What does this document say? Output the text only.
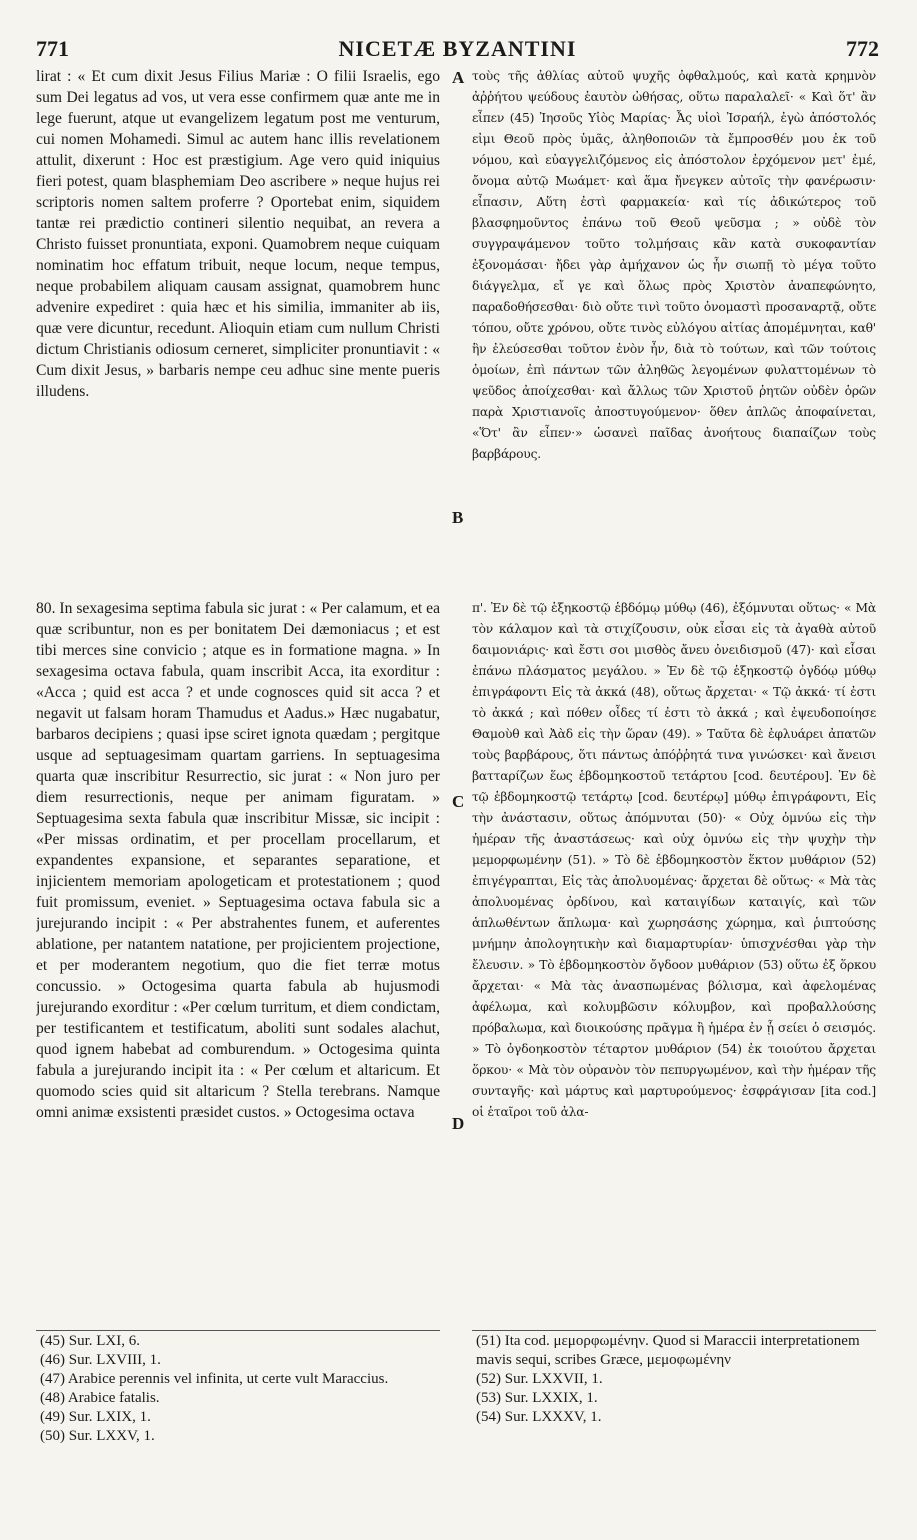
771	NICETÆ BYZANTINI	772
A
B
C
D

lirat : « Et cum dixit Jesus Filius Mariæ : O filii Israelis, ego sum Dei legatus ad vos, ut vera esse confirmem quæ ante me in lege fuerunt, atque ut evangelizem legatum post me venturum, cui nomen Mohamedi. Simul ac autem hanc illis revelationem attulit, dixerunt : Hoc est præstigium. Age vero quid iniquius fieri potest, quam blasphemiam Deo ascribere » neque hujus rei scriptoris nomen saltem proferre ? Oportebat enim, siquidem tantæ rei prædictio contineri silentio nequibat, an revera a Christo fuisset pronuntiata, exponi. Quamobrem neque cuiquam nominatim hoc effatum tribuit, neque locum, neque tempus, neque probabilem aliquam causam assignat, quamobrem hunc advenire expediret : quia hæc et his similia, immaniter ab iis, quæ vere dicuntur, recedunt. Alioquin etiam cum nullum Christi dictum Christianis odiosum cerneret, simpliciter pronuntiavit : « Cum dixit Jesus, » barbaris nempe ceu adhuc sine mente pueris illudens.

τοὺς τῆς ἀθλίας αὐτοῦ ψυχῆς ὀφθαλμούς, καὶ κατὰ κρημνὸν ἀῤῥήτου ψεύδους ἑαυτὸν ὠθήσας, οὕτω παραλαλεῖ· « Καὶ ὅτ' ἂν εἶπεν (45) Ἰησοῦς Υἱὸς Μαρίας· Ἆς υἱοὶ Ἰσραήλ, ἐγὼ ἀπόστολός εἰμι Θεοῦ πρὸς ὑμᾶς, ἀληθοποιῶν τὰ ἔμπροσθέν μου ἐκ τοῦ νόμου, καὶ εὐαγγελιζόμενος εἰς ἀπόστολον ἐρχόμενον μετ' ἐμέ, ὄνομα αὐτῷ Μωάμετ· καὶ ἅμα ἤνεγκεν αὐτοῖς τὴν φανέρωσιν· εἶπασιν, Αὕτη ἐστὶ φαρμακεία· καὶ τίς ἀδικώτερος τοῦ βλασφημοῦντος ἐπάνω τοῦ Θεοῦ ψεῦσμα ; » οὐδὲ τὸν συγγραψάμενον τοῦτο τολμήσαις κἂν κατὰ συκοφαντίαν ἐξονομάσαι· ἤδει γὰρ ἀμήχανον ὡς ἦν σιωπῇ τὸ μέγα τοῦτο διάγγελμα, εἴ γε καὶ ὅλως πρὸς Χριστὸν ἀναπεφώνητο, παραδοθήσεσθαι· διὸ οὔτε τινὶ τοῦτο ὀνομαστὶ προσαναρτᾷ, οὔτε τόπου, οὔτε χρόνου, οὔτε τινὸς εὐλόγου αἰτίας ἀπομέμνηται, καθ' ἣν ἐλεύσεσθαι τοῦτον ἐνὸν ἦν, διὰ τὸ τούτων, καὶ τῶν τούτοις ὁμοίων, ἐπὶ πάντων τῶν ἀληθῶς λεγομένων φυλαττομένων τὸ ψεῦδος ἀποίχεσθαι· καὶ ἄλλως τῶν Χριστοῦ ῥητῶν οὐδὲν ὁρῶν παρὰ Χριστιανοῖς ἀποστυγούμενον· ὅθεν ἁπλῶς ἀποφαίνεται, «Ὅτ' ἂν εἶπεν·» ὡσανεὶ παῖδας ἀνοήτους διαπαίζων τοὺς βαρβάρους.

80. In sexagesima septima fabula sic jurat : « Per calamum, et ea quæ scribuntur, non es per bonitatem Dei dæmoniacus ; et est tibi merces sine convicio ; atque es in formatione magna. » In sexagesima octava fabula, quam inscribit Acca, ita exorditur : «Acca ; quid est acca ? et unde cognosces quid sit acca ? et negavit ut falsam horam Thamudus et Aadus.» Hæc nugabatur, barbaros decipiens ; quasi ipse sciret ignota quædam ; pergitque usque ad septuagesimam quartam garriens. In septuagesima quarta quæ inscribitur Resurrectio, sic jurat : « Non juro per diem resurrectionis, neque per animam figuratam. » Septuagesima sexta fabula quæ inscribitur Missæ, sic incipit : «Per missas ordinatim, et per procellam procellarum, et expandentes expansione, et separantes separatione, et injicientem memoriam apologeticam et protestationem ; quod fuit promissum, eveniet. » Septuagesima octava fabula sic a jurejurando incipit : « Per abstrahentes funem, et auferentes ablatione, per natantem natatione, per projicientem projectione, et per moderantem negotium, quo die fiet terræ motus concussio. » Octogesima quarta fabula ab hujusmodi jurejurando exorditur : «Per cœlum turritum, et diem condictam, per testificantem et testificatum, aboliti sunt sodales alachut, quod ignem habebat ad comburendum. » Octogesima quinta fabula a jurejurando incipit ita : « Per cœlum et altaricum. Et quomodo scies quid sit altaricum ? Stella terebrans. Namque omni animæ exsistenti præsidet custos. » Octogesima octava

π'. Ἐν δὲ τῷ ἑξηκοστῷ ἑβδόμῳ μύθῳ (46), ἐξόμνυται οὕτως· « Μὰ τὸν κάλαμον καὶ τὰ στιχίζουσιν, οὐκ εἶσαι εἰς τὰ ἀγαθὰ αὐτοῦ δαιμονιάρις· καὶ ἔστι σοι μισθὸς ἄνευ ὀνειδισμοῦ (47)· καὶ εἶσαι ἐπάνω πλάσματος μεγάλου. » Ἐν δὲ τῷ ἑξηκοστῷ ὀγδόῳ μύθῳ ἐπιγράφοντι Εἰς τὰ ἀκκά (48), οὕτως ἄρχεται· « Τῷ ἀκκά· τί ἐστι τὸ ἀκκά ; καὶ πόθεν οἶδες τί ἐστι τὸ ἀκκά ; καὶ ἐψευδοποίησε Θαμοὺθ καὶ Ἀὰδ εἰς τὴν ὥραν (49). » Ταῦτα δὲ ἐφλυάρει ἀπατῶν τοὺς βαρβάρους, ὅτι πάντως ἀπόῤῥητά τινα γινώσκει· καὶ ἄνεισι βατταρίζων ἕως ἑβδομηκοστοῦ τετάρτου [cod. δευτέρου]. Ἐν δὲ τῷ ἑβδομηκοστῷ τετάρτῳ [cod. δευτέρῳ] μύθῳ ἐπιγράφοντι, Εἰς τὴν ἀνάστασιν, οὕτως ἀπόμνυται (50)· « Οὐχ ὀμνύω εἰς τὴν ἡμέραν τῆς ἀναστάσεως· καὶ οὐχ ὀμνύω εἰς τὴν ψυχὴν τὴν μεμορφωμένην (51). » Τὸ δὲ ἑβδομηκοστὸν ἕκτον μυθάριον (52) ἐπιγέγραπται, Εἰς τὰς ἀπολυομένας· ἄρχεται δὲ οὕτως· « Μὰ τὰς ἀπολυομένας ὀρδίνου, καὶ καταιγίδων καταιγίς, καὶ τῶν ἁπλωθέντων ἅπλωμα· καὶ χωρησάσης χώρημα, καὶ ῥιπτούσης μνήμην ἀπολογητικὴν καὶ διαμαρτυρίαν· ὑπισχνέσθαι γὰρ τὴν ἔλευσιν. » Τὸ ἑβδομηκοστὸν ὄγδοον μυθάριον (53) οὕτω ἐξ ὅρκου ἄρχεται· « Μὰ τὰς ἀνασπωμένας βόλισμα, καὶ ἀφελομένας ἀφέλωμα, καὶ κολυμβῶσιν κόλυμβον, καὶ προβαλλούσης πρόβαλωμα, καὶ διοικούσης πρᾶγμα ἢ ἡμέρα ἐν ᾗ σείει ὁ σεισμός. » Τὸ ὀγδοηκοστὸν τέταρτον μυθάριον (54) ἐκ τοιούτου ἄρχεται ὅρκου· « Μὰ τὸν οὐρανὸν τὸν πεπυργωμένον, καὶ τὴν ἡμέραν τῆς συνταγῆς· καὶ μάρτυς καὶ μαρτυρούμενος· ἐσφράγισαν [ita cod.] οἱ ἑταῖροι τοῦ ἀλα-

(45) Sur. LXI, 6.
(46) Sur. LXVIII, 1.
(47) Arabice perennis vel infinita, ut certe vult Maraccius.
(48) Arabice fatalis.
(49) Sur. LXIX, 1.
(50) Sur. LXXV, 1.
(51) Ita cod. μεμορφωμένην. Quod si Maraccii interpretationem mavis sequi, scribes Græce, μεμοφωμένην
(52) Sur. LXXVII, 1.
(53) Sur. LXXIX, 1.
(54) Sur. LXXXV, 1.
